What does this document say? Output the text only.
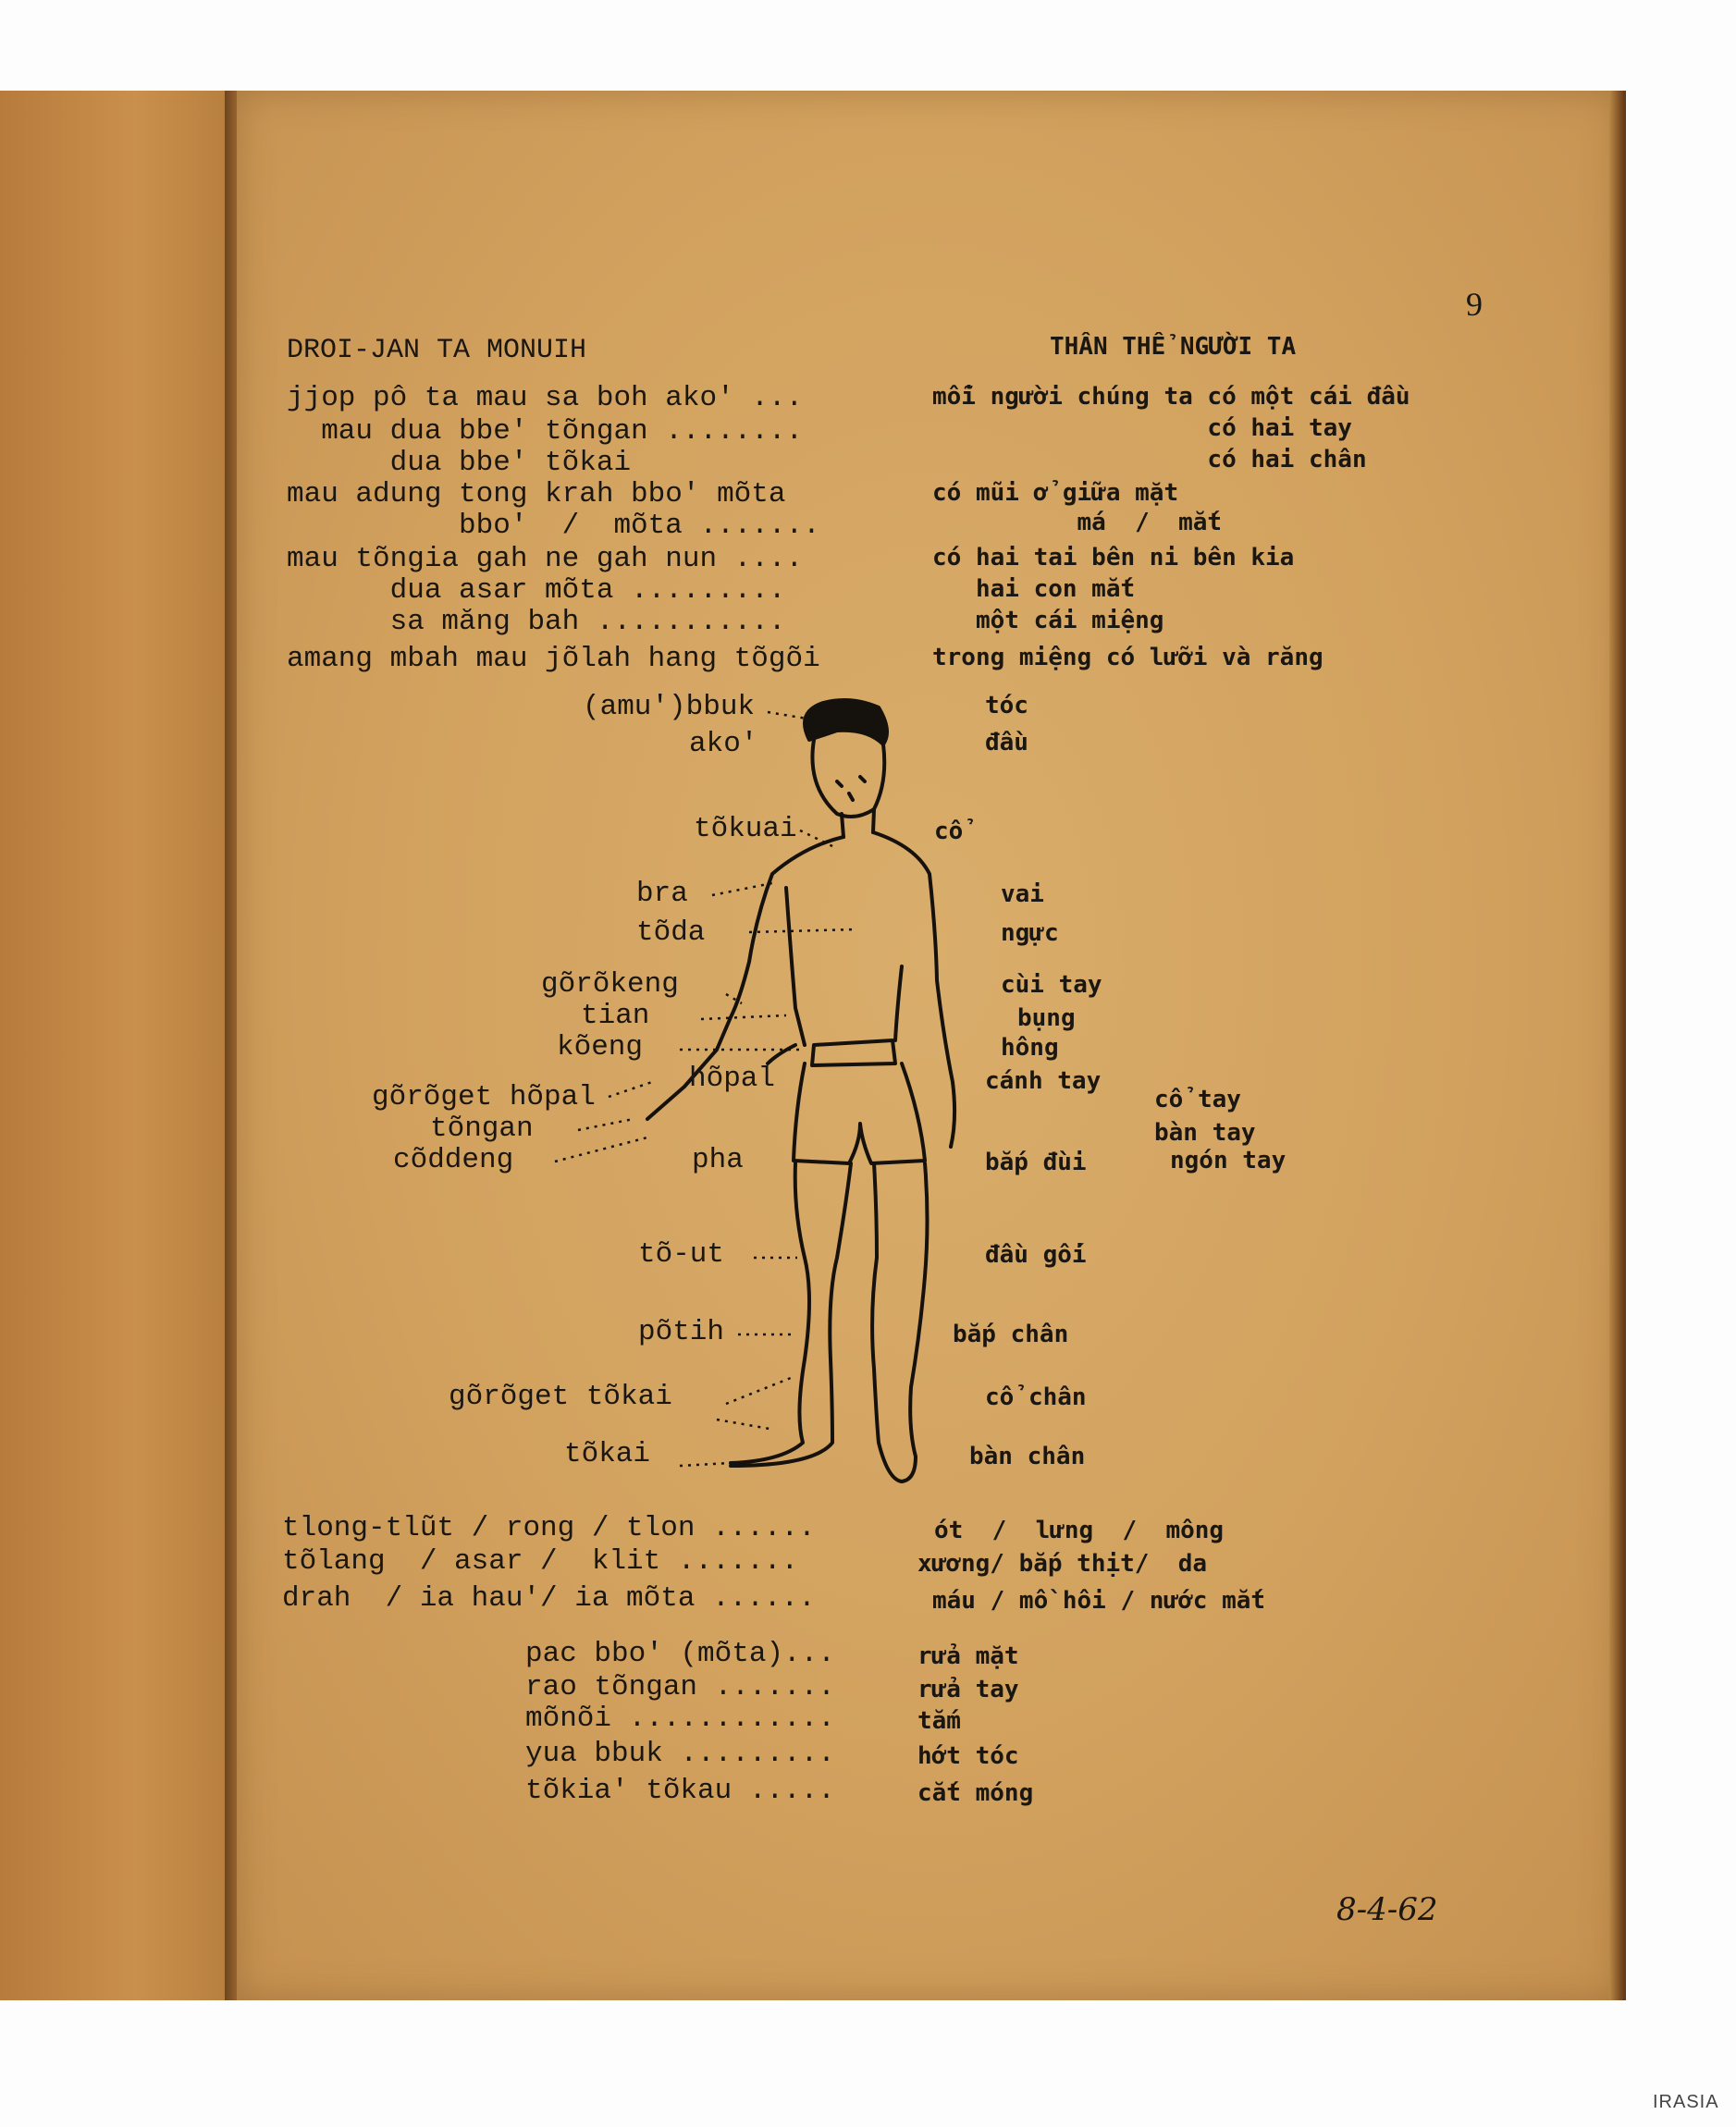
9
DROI-JAN TA MONUIH	THÂN THỂ NGƯỜI TA
jjop pô ta mau sa boh ako' ...	mỗi người chúng ta có một cái đầu
mau dua bbe' tõngan ........	có hai tay
dua bbe' tõkai	có hai chân
mau adung tong krah bbo' mõta	có mũi ở giữa mặt
bbo'  /  mõta .......	má  /  mắt
mau tõngia gah ne gah nun ....	có hai tai bên ni bên kia
dua asar mõta .........	hai con mắt
sa măng bah ...........	một cái miệng
amang mbah mau jõlah hang tõgõi	trong miệng có lưỡi và răng
(amu')bbuk	tóc
ako'	đầu
tõkuai	cổ
bra	vai
tõda	ngực
gõrõkeng	cùi tay
tian	bụng
kõeng	hông
hõpal	cánh tay
gõrõget hõpal	cổ tay
tõngan	bàn tay
cõddeng	ngón tay
pha	bắp đùi
tõ-ut	đầu gối
põtih	bắp chân
gõrõget tõkai	cổ chân
tõkai	bàn chân
tlong-tlũt / rong / tlon ......	ót  /  lưng  /  mông
tõlang  / asar /  klit .......	xương/ bắp thịt/  da
drah  / ia hau'/ ia mõta ......	máu / mồ hôi / nước mắt
pac bbo' (mõta)...	rửa mặt
rao tõngan .......	rửa tay
mõnõi ............	tắm
yua bbuk .........	hớt tóc
tõkia' tõkau .....	cắt móng
8-4-62
IRASIA
